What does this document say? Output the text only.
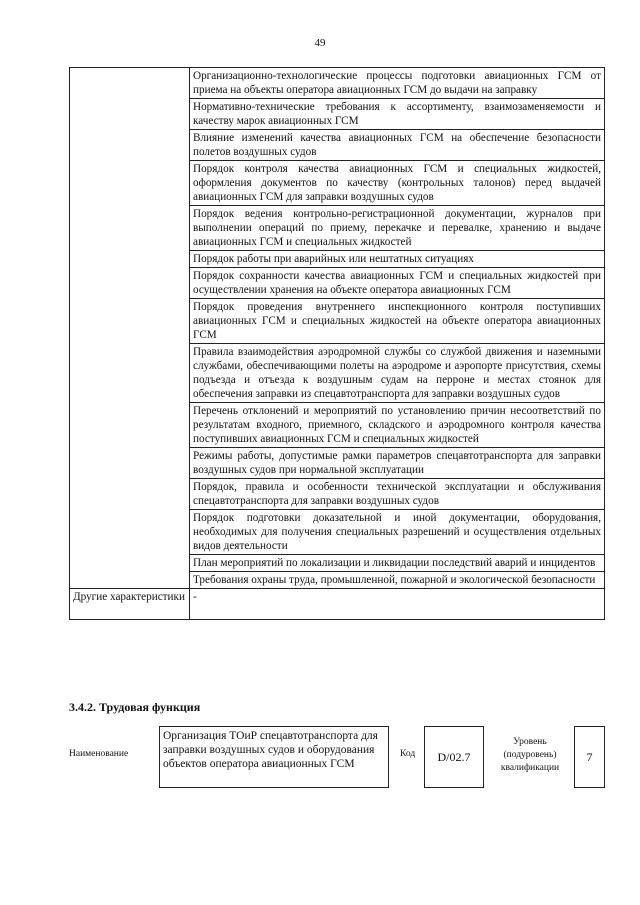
49
	Организационно-технологические процессы подготовки авиационных ГСМ от приема на объекты оператора авиационных ГСМ до выдачи на заправку
	Нормативно-технические требования к ассортименту, взаимозаменяемости и качеству марок авиационных ГСМ
	Влияние изменений качества авиационных ГСМ на обеспечение безопасности полетов воздушных судов
	Порядок контроля качества авиационных ГСМ и специальных жидкостей, оформления документов по качеству (контрольных талонов) перед выдачей авиационных ГСМ для заправки воздушных судов
	Порядок ведения контрольно-регистрационной документации, журналов при выполнении операций по приему, перекачке и перевалке, хранению и выдаче авиационных ГСМ и специальных жидкостей
	Порядок работы при аварийных или нештатных ситуациях
	Порядок сохранности качества авиационных ГСМ и специальных жидкостей при осуществлении хранения на объекте оператора авиационных ГСМ
	Порядок проведения внутреннего инспекционного контроля поступивших авиационных ГСМ и специальных жидкостей на объекте оператора авиационных ГСМ
	Правила взаимодействия аэродромной службы со службой движения и наземными службами, обеспечивающими полеты на аэродроме и аэропорте присутствия, схемы подъезда и отъезда к воздушным судам на перроне и местах стоянок для обеспечения заправки из спецавтотранспорта для заправки воздушных судов
	Перечень отклонений и мероприятий по установлению причин несоответствий по результатам входного, приемного, складского и аэродромного контроля качества поступивших авиационных ГСМ и специальных жидкостей
	Режимы работы, допустимые рамки параметров спецавтотранспорта для заправки воздушных судов при нормальной эксплуатации
	Порядок, правила и особенности технической эксплуатации и обслуживания спецавтотранспорта для заправки воздушных судов
	Порядок подготовки доказательной и иной документации, оборудования, необходимых для получения специальных разрешений и осуществления отдельных видов деятельности
	План мероприятий по локализации и ликвидации последствий аварий и инцидентов
	Требования охраны труда, промышленной, пожарной и экологической безопасности
Другие характеристики	-
3.4.2. Трудовая функция
Наименование
Организация ТОиР спецавтотранспорта для заправки воздушных судов и оборудования объектов оператора авиационных ГСМ
Код	D/02.7
Уровень (подуровень) квалификации
7
